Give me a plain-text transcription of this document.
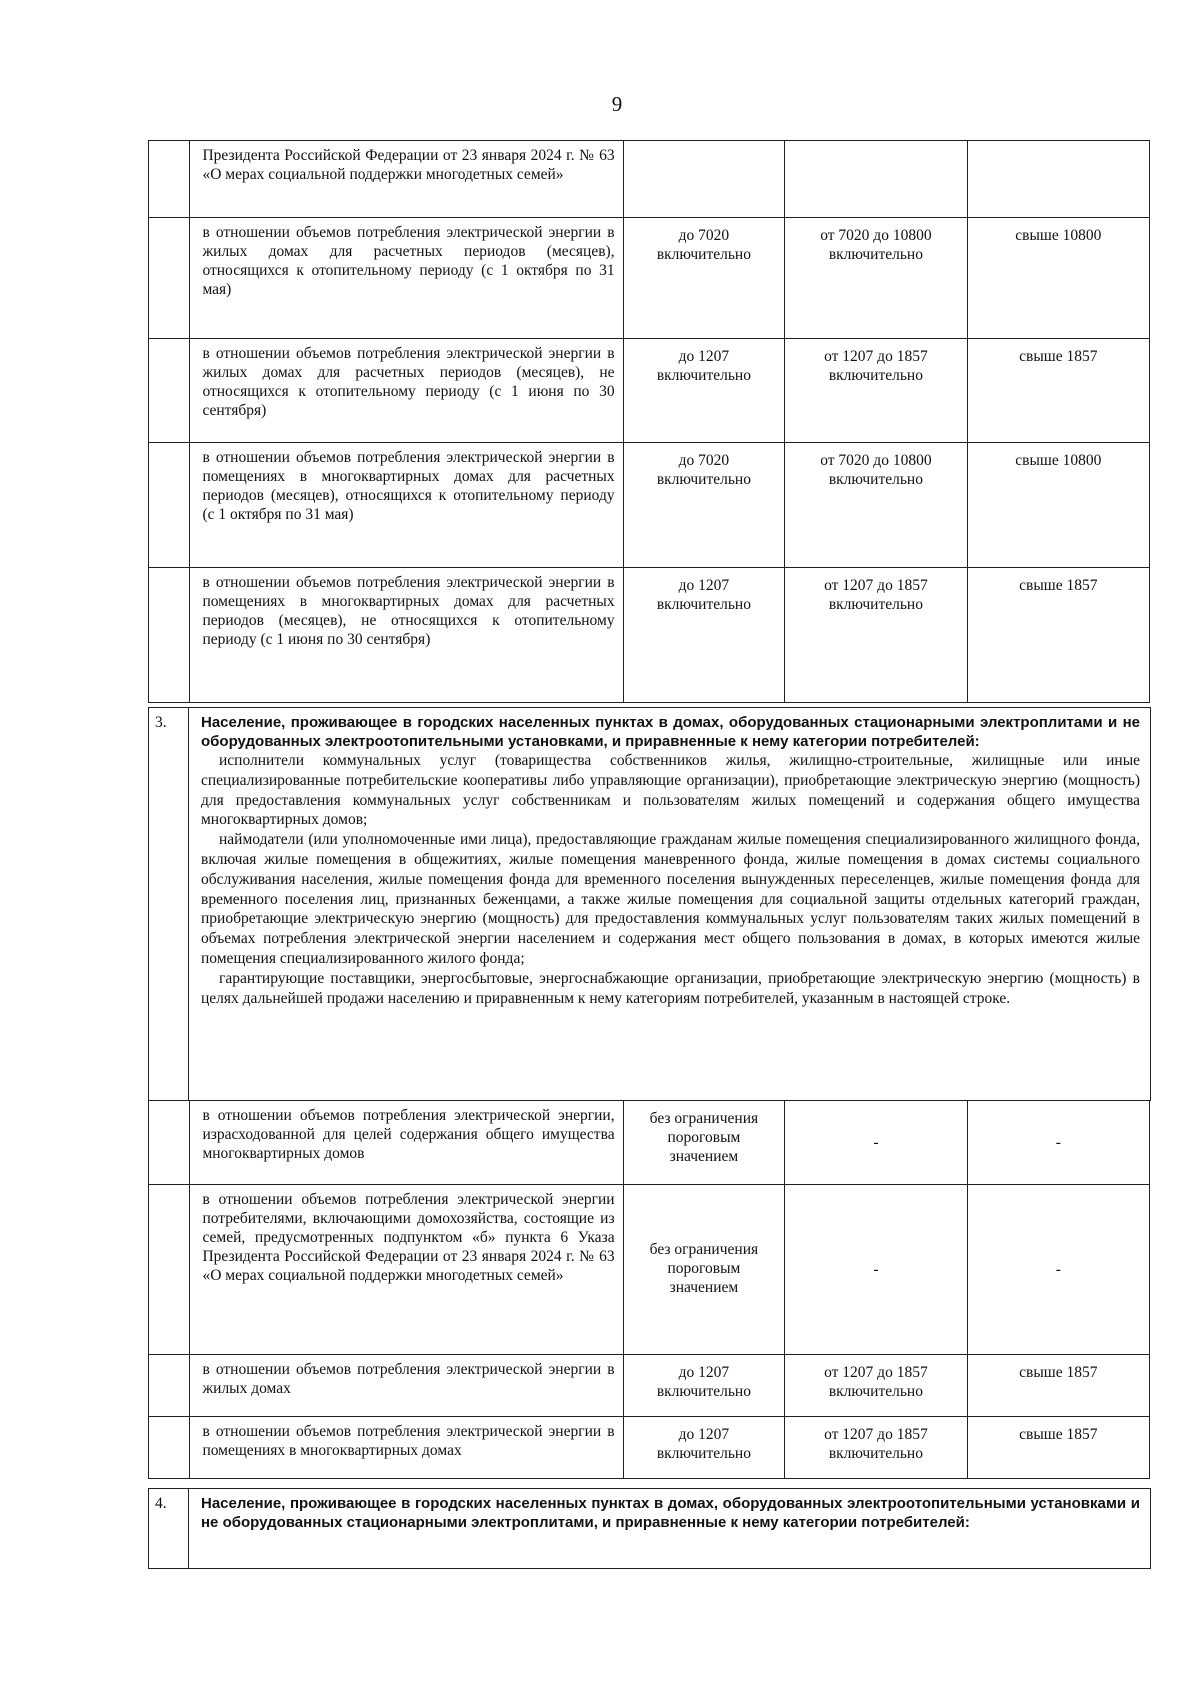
9
	Президента Российской Федерации от 23 января 2024 г. № 63 «О мерах социальной поддержки многодетных семей»			
	в отношении объемов потребления электрической энергии в жилых домах для расчетных периодов (месяцев), относящихся к отопительному периоду (с 1 октября по 31 мая)	до 7020 включительно	от 7020 до 10800 включительно	свыше 10800
	в отношении объемов потребления электрической энергии в жилых домах для расчетных периодов (месяцев), не относящихся к отопительному периоду (с 1 июня по 30 сентября)	до 1207 включительно	от 1207 до 1857 включительно	свыше 1857
	в отношении объемов потребления электрической энергии в помещениях в многоквартирных домах для расчетных периодов (месяцев), относящихся к отопительному периоду (с 1 октября по 31 мая)	до 7020 включительно	от 7020 до 10800 включительно	свыше 10800
	в отношении объемов потребления электрической энергии в помещениях в многоквартирных домах для расчетных периодов (месяцев), не относящихся к отопительному периоду (с 1 июня по 30 сентября)	до 1207 включительно	от 1207 до 1857 включительно	свыше 1857
3.	Население, проживающее в городских населенных пунктах в домах, оборудованных стационарными электроплитами и не оборудованных электроотопительными установками, и приравненные к нему категории потребителей:

исполнители коммунальных услуг (товарищества собственников жилья, жилищно-строительные, жилищные или иные специализированные потребительские кооперативы либо управляющие организации), приобретающие электрическую энергию (мощность) для предоставления коммунальных услуг собственникам и пользователям жилых помещений и содержания общего имущества многоквартирных домов;

наймодатели (или уполномоченные ими лица), предоставляющие гражданам жилые помещения специализированного жилищного фонда, включая жилые помещения в общежитиях, жилые помещения маневренного фонда, жилые помещения в домах системы социального обслуживания населения, жилые помещения фонда для временного поселения вынужденных переселенцев, жилые помещения фонда для временного поселения лиц, признанных беженцами, а также жилые помещения для социальной защиты отдельных категорий граждан, приобретающие электрическую энергию (мощность) для предоставления коммунальных услуг пользователям таких жилых помещений в объемах потребления электрической энергии населением и содержания мест общего пользования в домах, в которых имеются жилые помещения специализированного жилого фонда;

гарантирующие поставщики, энергосбытовые, энергоснабжающие организации, приобретающие электрическую энергию (мощность) в целях дальнейшей продажи населению и приравненным к нему категориям потребителей, указанным в настоящей строке.

	в отношении объемов потребления электрической энергии, израсходованной для целей содержания общего имущества многоквартирных домов	без ограничения пороговым значением	-	-
	в отношении объемов потребления электрической энергии потребителями, включающими домохозяйства, состоящие из семей, предусмотренных подпунктом «б» пункта 6 Указа Президента Российской Федерации от 23 января 2024 г. № 63 «О мерах социальной поддержки многодетных семей»	без ограничения пороговым значением	-	-
	в отношении объемов потребления электрической энергии в жилых домах	до 1207 включительно	от 1207 до 1857 включительно	свыше 1857
	в отношении объемов потребления электрической энергии в помещениях в многоквартирных домах	до 1207 включительно	от 1207 до 1857 включительно	свыше 1857
4.	Население, проживающее в городских населенных пунктах в домах, оборудованных электроотопительными установками и не оборудованных стационарными электроплитами, и приравненные к нему категории потребителей:
